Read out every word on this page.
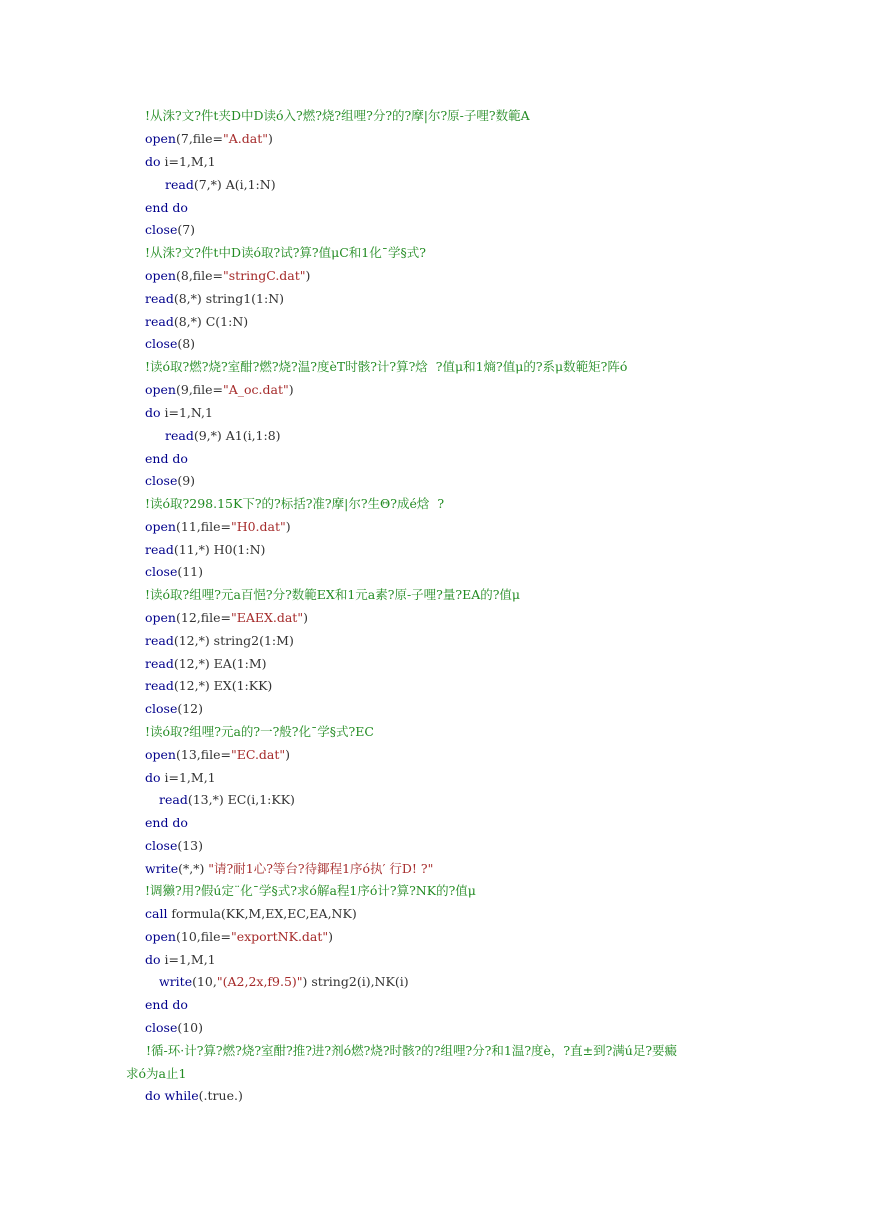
!从洙?文?件t夹D中D读ó入?燃?烧?组哩?分?的?摩|尔?原-子哩?数範A
open(7,file="A.dat")
do i=1,M,1
read(7,*) A(i,1:N)
end do
close(7)
!从洙?文?件t中D读ó取?试?算?值μC和1化¯学§式?
open(8,file="stringC.dat")
read(8,*) string1(1:N)
read(8,*) C(1:N)
close(8)
!读ó取?燃?烧?室酣?燃?烧?温?度èT时骸?计?算?焓  ?值μ和1熵?值μ的?系μ数範矩?阵ó
open(9,file="A_oc.dat")
do i=1,N,1
read(9,*) A1(i,1:8)
end do
close(9)
!读ó取?298.15K下?的?标括?准?摩|尔?生Θ?成é焓  ?
open(11,file="H0.dat")
read(11,*) H0(1:N)
close(11)
!读ó取?组哩?元a百悒?分?数範EX和1元a素?原-子哩?量?EA的?值μ
open(12,file="EAEX.dat")
read(12,*) string2(1:M)
read(12,*) EA(1:M)
read(12,*) EX(1:KK)
close(12)
!读ó取?组哩?元a的?一?般?化¯学§式?EC
open(13,file="EC.dat")
do i=1,M,1
read(13,*) EC(i,1:KK)
end do
close(13)
write(*,*) "请?耐1心?等台?待鎁程1序ó执′ 行D! ?"
!调獭?用?假ú定¨化¯学§式?求ó解a程1序ó计?算?NK的?值μ
call formula(KK,M,EX,EC,EA,NK)
open(10,file="exportNK.dat")
do i=1,M,1
write(10,"(A2,2x,f9.5)") string2(i),NK(i)
end do
close(10)
!循-环·计?算?燃?烧?室酣?推?进?剂ó燃?烧?时骸?的?组哩?分?和1温?度è，?直±到?满ú足?要癜
求ó为a止1
do while(.true.)
